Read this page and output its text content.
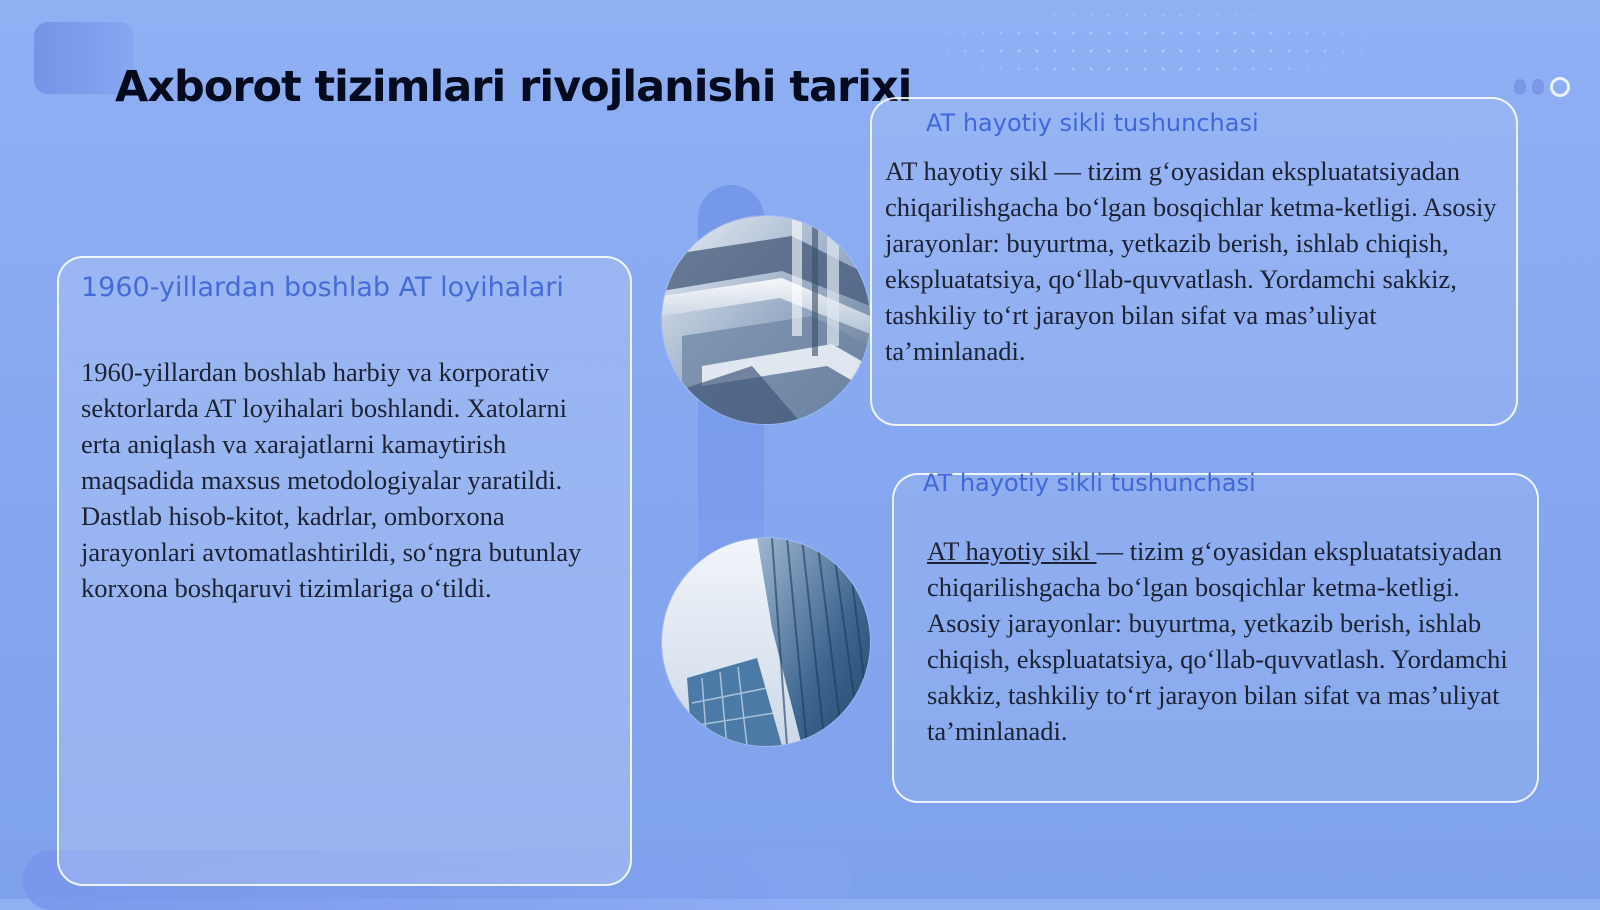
Axborot tizimlari rivojlanishi tarixi
1960-yillardan boshlab AT loyihalari

1960-yillardan boshlab harbiy va korporativ sektorlarda AT loyihalari boshlandi. Xatolarni erta aniqlash va xarajatlarni kamaytirish maqsadida maxsus metodologiyalar yaratildi. Dastlab hisob-kitot, kadrlar, omborxona jarayonlari avtomatlashtirildi, so‘ngra butunlay korxona boshqaruvi tizimlariga o‘tildi.

AT hayotiy sikli tushunchasi

AT hayotiy sikl — tizim g‘oyasidan ekspluatatsiyadan chiqarilishgacha bo‘lgan bosqichlar ketma-ketligi. Asosiy jarayonlar: buyurtma, yetkazib berish, ishlab chiqish, ekspluatatsiya, qo‘llab-quvvatlash. Yordamchi sakkiz, tashkiliy to‘rt jarayon bilan sifat va mas’uliyat ta’minlanadi.

AT hayotiy sikli tushunchasi

AT hayotiy sikl — tizim g‘oyasidan ekspluatatsiyadan chiqarilishgacha bo‘lgan bosqichlar ketma-ketligi. Asosiy jarayonlar: buyurtma, yetkazib berish, ishlab chiqish, ekspluatatsiya, qo‘llab-quvvatlash. Yordamchi sakkiz, tashkiliy to‘rt jarayon bilan sifat va mas’uliyat ta’minlanadi.
